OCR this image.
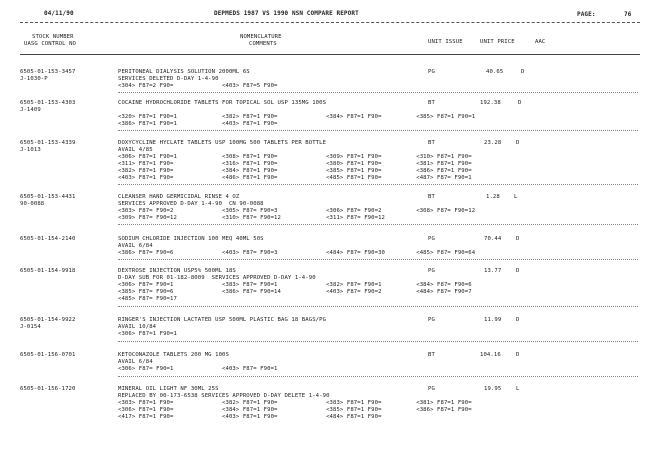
04/11/90	DEPMEDS 1987 VS 1990 NSN COMPARE REPORT	PAGE:	76
STOCK NUMBER
UASG CONTROL NO
NOMENCLATURE
COMMENTS	UNIT ISSUE	UNIT PRICE	AAC
6505-01-153-3457
J-1030-P
PERITONEAL DIALYSIS SOLUTION 2000ML 6S	PG	40.65	D
SERVICES DELETED D-DAY 1-4-90
<304> F87=2 F90=              <403> F87=5 F90=
6505-01-153-4303
J-1409
COCAINE HYDROCHLORIDE TABLETS FOR TOPICAL SOL USP 135MG 100S	BT	192.38	D
<320> F87=1 F90=1             <382> F87=1 F90=              <384> F87=1 F90=          <385> F87=1 F90=1
<386> F87=1 F90=1             <403> F87=1 F90=
6505-01-153-4339
J-1013
DOXYCYCLINE HYCLATE TABLETS USP 100MG 500 TABLETS PER BOTTLE	BT	23.28	D
AVAIL 4/85
<306> F87=1 F90=1             <308> F87=1 F90=              <309> F87=1 F90=          <310> F87=1 F90=
<311> F87=1 F90=              <316> F87=1 F90=              <380> F87=1 F90=          <381> F87=1 F90=
<382> F87=1 F90=              <384> F87=1 F90=              <385> F87=1 F90=          <386> F87=1 F90=
<403> F87=1 F90=              <486> F87=1 F90=              <485> F87=1 F90=          <487> F87= F90=1
6505-01-153-4431
90-0088
CLEANSER HAND GERMICIDAL RINSE 4 OZ	BT	1.28	L
SERVICES APPROVED D-DAY 1-4-90  CN 90-0088
<303> F87= F90=2              <305> F87= F90=3              <306> F87= F90=2          <308> F87= F90=12
<309> F87= F90=12             <310> F87= F90=12             <311> F87= F90=12
6505-01-154-2140	SODIUM CHLORIDE INJECTION 100 MEQ 40ML 50S	PG	70.44	D
AVAIL 6/84
<386> F87= F90=6              <403> F87= F90=3              <484> F87= F90=30         <485> F87= F90=64
6505-01-154-9918	DEXTROSE INJECTION USP5% 500ML 18S	PG	13.77	D
D-DAY SUB FOR 01-182-8009  SERVICES APPROVED D-DAY 1-4-90
<306> F87= F90=1              <383> F87= F90=1              <382> F87= F90=1          <384> F87= F90=6
<385> F87= F90=6              <386> F87= F90=14             <403> F87= F90=2          <484> F87= F90=7
<485> F87= F90=17
6505-01-154-9922
J-0154
RINGER'S INJECTION LACTATED USP 500ML PLASTIC BAG 18 BAGS/PG	PG	11.99	D
AVAIL 10/84
<306> F87=1 F90=1
6505-01-156-0701	KETOCONAZOLE TABLETS 200 MG 100S	BT	104.16	D
AVAIL 6/84
<306> F87= F90=1              <403> F87= F90=1
6505-01-156-1720	MINERAL OIL LIGHT NF 30ML 25S	PG	19.95	L
REPLACED BY 00-173-6538 SERVICES APPROVED D-DAY DELETE 1-4-90
<303> F87=1 F90=              <382> F87=1 F90=              <383> F87=1 F90=          <381> F87=1 F90=
<306> F87=1 F90=              <384> F87=1 F90=              <385> F87=1 F90=          <386> F87=1 F90=
<417> F87=1 F90=              <403> F87=1 F90=              <484> F87=1 F90=
